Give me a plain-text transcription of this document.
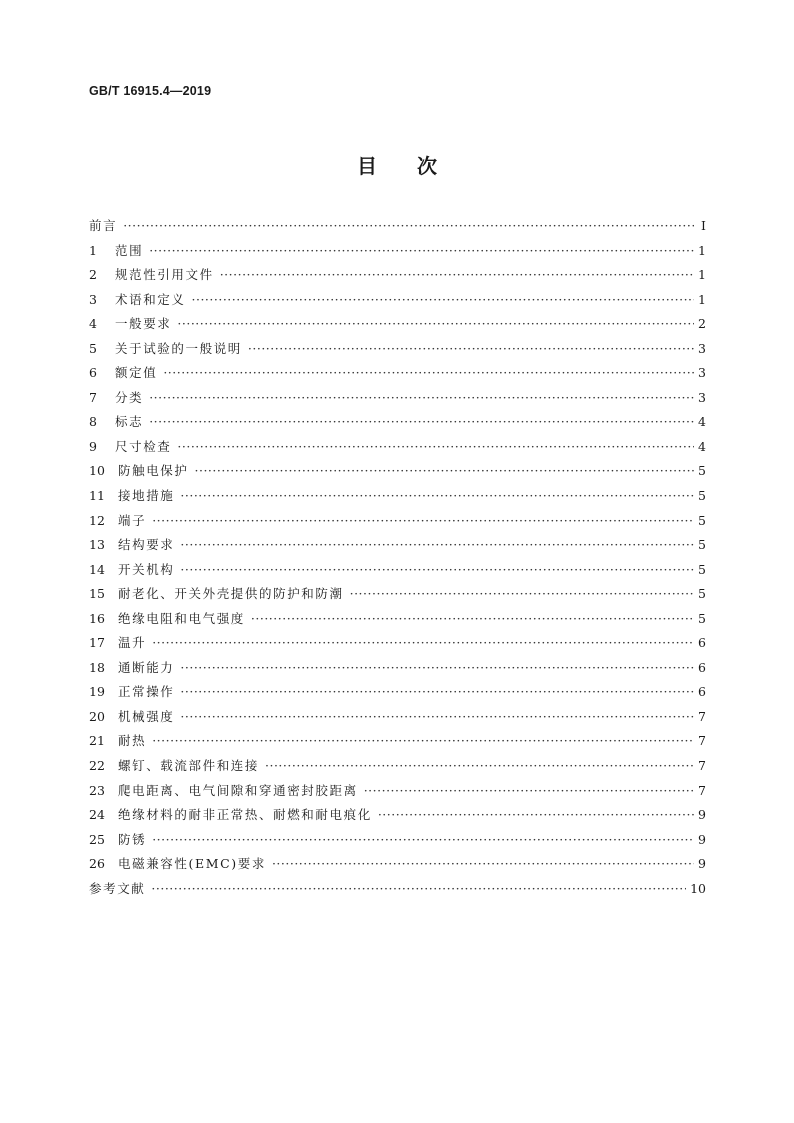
GB/T 16915.4—2019
目 次
前言 ·····	Ⅰ
1	范围 ·····	1
2	规范性引用文件 ·····	1
3	术语和定义 ·····	1
4	一般要求 ·····	2
5	关于试验的一般说明 ·····	3
6	额定值 ·····	3
7	分类 ·····	3
8	标志 ·····	4
9	尺寸检查 ·····	4
10	防触电保护 ·····	5
11	接地措施 ·····	5
12	端子 ·····	5
13	结构要求 ·····	5
14	开关机构 ·····	5
15	耐老化、开关外壳提供的防护和防潮 ·····	5
16	绝缘电阻和电气强度 ·····	5
17	温升 ·····	6
18	通断能力 ·····	6
19	正常操作 ·····	6
20	机械强度 ·····	7
21	耐热 ·····	7
22	螺钉、载流部件和连接 ·····	7
23	爬电距离、电气间隙和穿通密封胶距离 ·····	7
24	绝缘材料的耐非正常热、耐燃和耐电痕化 ·····	9
25	防锈 ·····	9
26	电磁兼容性(EMC)要求 ·····	9
参考文献 ·····	10
